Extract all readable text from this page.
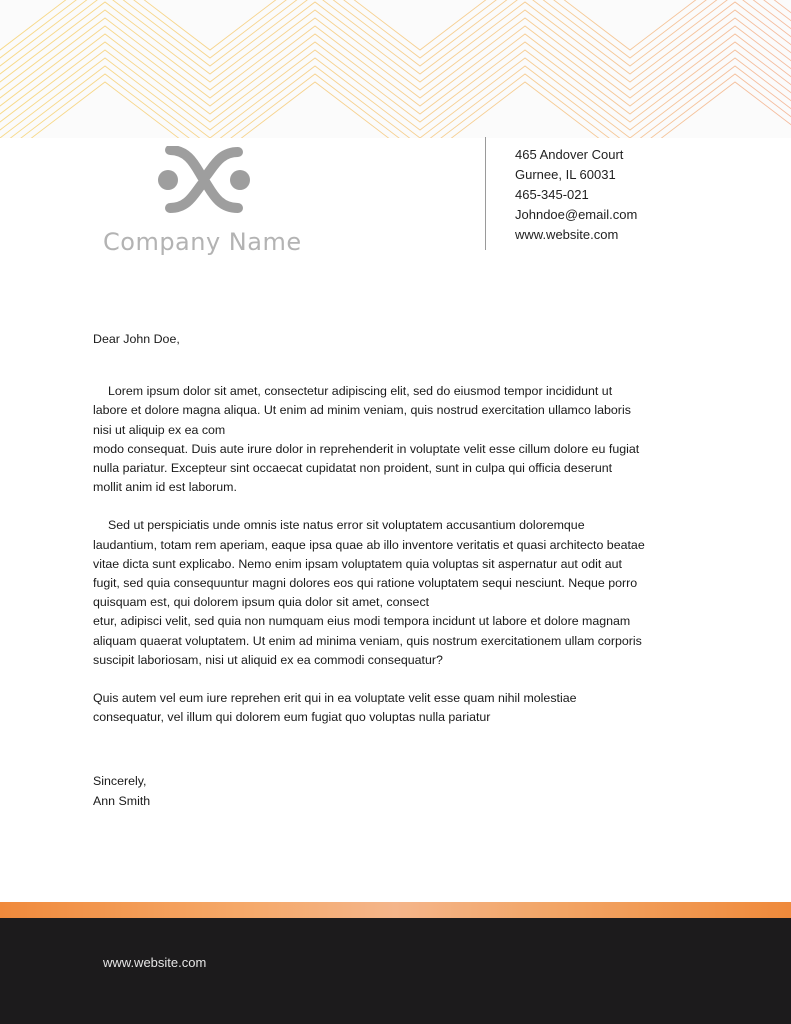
Company Name
465 Andover Court
Gurnee, IL 60031
465-345-021
Johndoe@email.com
www.website.com
Dear John Doe,
Lorem ipsum dolor sit amet, consectetur adipiscing elit, sed do eiusmod tempor incididunt ut
labore et dolore magna aliqua. Ut enim ad minim veniam, quis nostrud exercitation ullamco laboris
nisi ut aliquip ex ea com
modo consequat. Duis aute irure dolor in reprehenderit in voluptate velit esse cillum dolore eu fugiat
nulla pariatur. Excepteur sint occaecat cupidatat non proident, sunt in culpa qui officia deserunt
mollit anim id est laborum.
Sed ut perspiciatis unde omnis iste natus error sit voluptatem accusantium doloremque
laudantium, totam rem aperiam, eaque ipsa quae ab illo inventore veritatis et quasi architecto beatae
vitae dicta sunt explicabo. Nemo enim ipsam voluptatem quia voluptas sit aspernatur aut odit aut
fugit, sed quia consequuntur magni dolores eos qui ratione voluptatem sequi nesciunt. Neque porro
quisquam est, qui dolorem ipsum quia dolor sit amet, consect
etur, adipisci velit, sed quia non numquam eius modi tempora incidunt ut labore et dolore magnam
aliquam quaerat voluptatem. Ut enim ad minima veniam, quis nostrum exercitationem ullam corporis
suscipit laboriosam, nisi ut aliquid ex ea commodi consequatur?
Quis autem vel eum iure reprehen erit qui in ea voluptate velit esse quam nihil molestiae
consequatur, vel illum qui dolorem eum fugiat quo voluptas nulla pariatur
Sincerely,
Ann Smith
www.website.com
